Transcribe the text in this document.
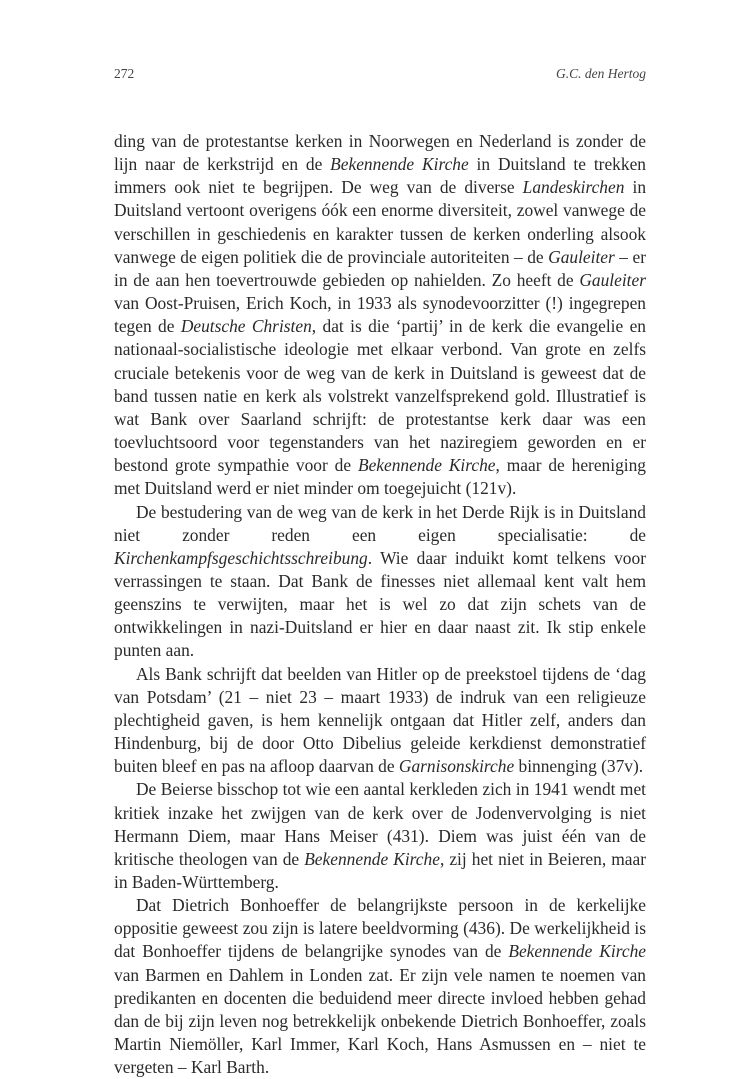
272	G.C. den Hertog

ding van de protestantse kerken in Noorwegen en Nederland is zonder de lijn naar de kerkstrijd en de Bekennende Kirche in Duitsland te trekken immers ook niet te begrijpen. De weg van de diverse Landeskirchen in Duitsland vertoont overigens óók een enorme diversiteit, zowel vanwege de verschillen in geschiedenis en karakter tussen de kerken onderling alsook vanwege de eigen politiek die de provinciale autoriteiten – de Gauleiter – er in de aan hen toevertrouwde gebieden op nahielden. Zo heeft de Gauleiter van Oost-Pruisen, Erich Koch, in 1933 als synodevoorzitter (!) ingegrepen tegen de Deutsche Christen, dat is die ‘partij’ in de kerk die evangelie en nationaal-socialistische ideologie met elkaar verbond. Van grote en zelfs cruciale betekenis voor de weg van de kerk in Duitsland is geweest dat de band tussen natie en kerk als volstrekt vanzelfsprekend gold. Illustratief is wat Bank over Saarland schrijft: de protestantse kerk daar was een toevluchtsoord voor tegenstanders van het naziregiem geworden en er bestond grote sympathie voor de Bekennende Kirche, maar de hereniging met Duitsland werd er niet minder om toegejuicht (121v).

De bestudering van de weg van de kerk in het Derde Rijk is in Duitsland niet zonder reden een eigen specialisatie: de Kirchenkampfsgeschichtsschreibung. Wie daar induikt komt telkens voor verrassingen te staan. Dat Bank de finesses niet allemaal kent valt hem geenszins te verwijten, maar het is wel zo dat zijn schets van de ontwikkelingen in nazi-Duitsland er hier en daar naast zit. Ik stip enkele punten aan.

Als Bank schrijft dat beelden van Hitler op de preekstoel tijdens de ‘dag van Potsdam’ (21 – niet 23 – maart 1933) de indruk van een religieuze plechtigheid gaven, is hem kennelijk ontgaan dat Hitler zelf, anders dan Hindenburg, bij de door Otto Dibelius geleide kerkdienst demonstratief buiten bleef en pas na afloop daarvan de Garnisonskirche binnenging (37v).

De Beierse bisschop tot wie een aantal kerkleden zich in 1941 wendt met kritiek inzake het zwijgen van de kerk over de Jodenvervolging is niet Hermann Diem, maar Hans Meiser (431). Diem was juist één van de kritische theologen van de Bekennende Kirche, zij het niet in Beieren, maar in Baden-Württemberg.

Dat Dietrich Bonhoeffer de belangrijkste persoon in de kerkelijke oppositie geweest zou zijn is latere beeldvorming (436). De werkelijkheid is dat Bonhoeffer tijdens de belangrijke synodes van de Bekennende Kirche van Barmen en Dahlem in Londen zat. Er zijn vele namen te noemen van predikanten en docenten die beduidend meer directe invloed hebben gehad dan de bij zijn leven nog betrekkelijk onbekende Dietrich Bonhoeffer, zoals Martin Niemöller, Karl Immer, Karl Koch, Hans Asmussen en – niet te vergeten – Karl Barth.
